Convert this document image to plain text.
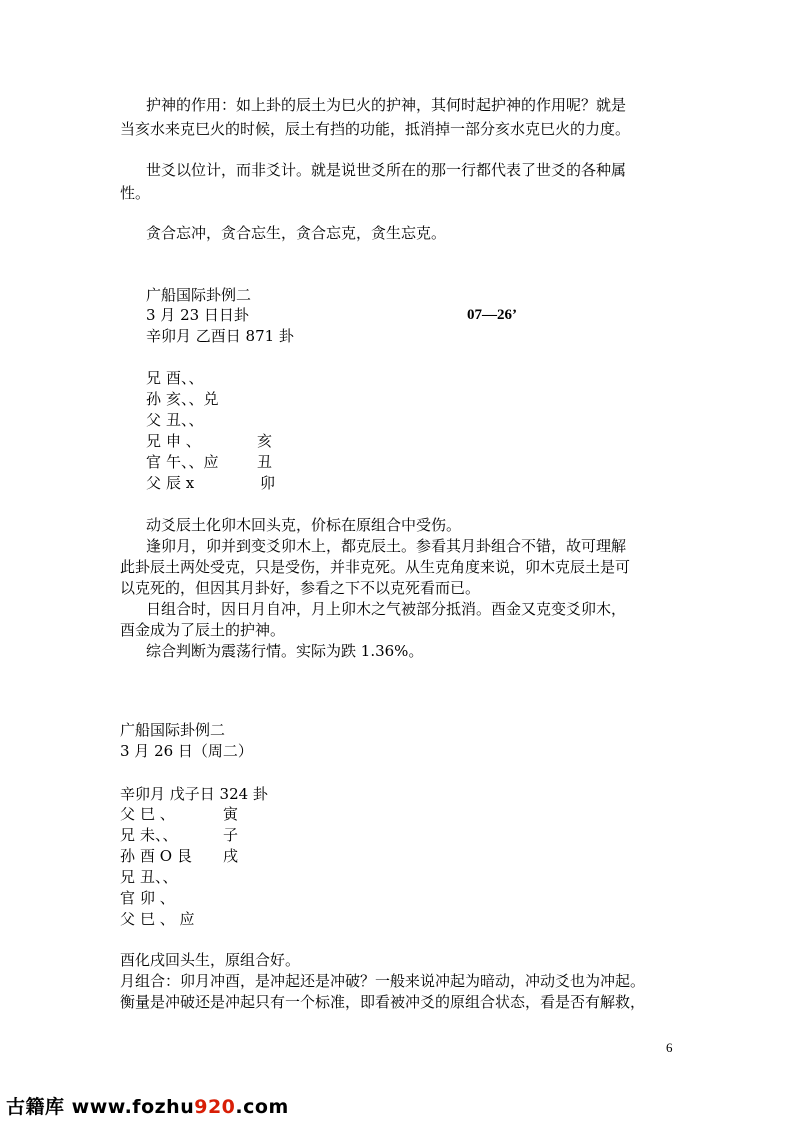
护神的作用：如上卦的辰土为巳火的护神，其何时起护神的作用呢？就是
当亥水来克巳火的时候，辰土有挡的功能，抵消掉一部分亥水克巳火的力度。
世爻以位计，而非爻计。就是说世爻所在的那一行都代表了世爻的各种属
性。
贪合忘冲，贪合忘生，贪合忘克，贪生忘克。
广船国际卦例二
3 月 23 日日卦	07—26’
辛卯月 乙酉日 871 卦
兄 酉、、
孙 亥、、兑
父 丑、、
兄 申 、	亥
官 午、、应	丑
父 辰 x	卯
动爻辰土化卯木回头克，价标在原组合中受伤。
逢卯月，卯并到变爻卯木上，都克辰土。参看其月卦组合不错，故可理解
此卦辰土两处受克，只是受伤，并非克死。从生克角度来说，卯木克辰土是可
以克死的，但因其月卦好，参看之下不以克死看而已。
日组合时，因日月自冲，月上卯木之气被部分抵消。酉金又克变爻卯木，
酉金成为了辰土的护神。
综合判断为震荡行情。实际为跌 1.36%。
广船国际卦例二
3 月 26 日（周二）
辛卯月 戊子日 324 卦
父 巳 、	寅
兄 未、、	子
孙 酉 O 艮 戌
兄 丑、、
官 卯 、
父 巳 、 应
酉化戌回头生，原组合好。
月组合：卯月冲酉，是冲起还是冲破？一般来说冲起为暗动，冲动爻也为冲起。
衡量是冲破还是冲起只有一个标准，即看被冲爻的原组合状态，看是否有解救，
6
古籍库 www.fozhu920.com
